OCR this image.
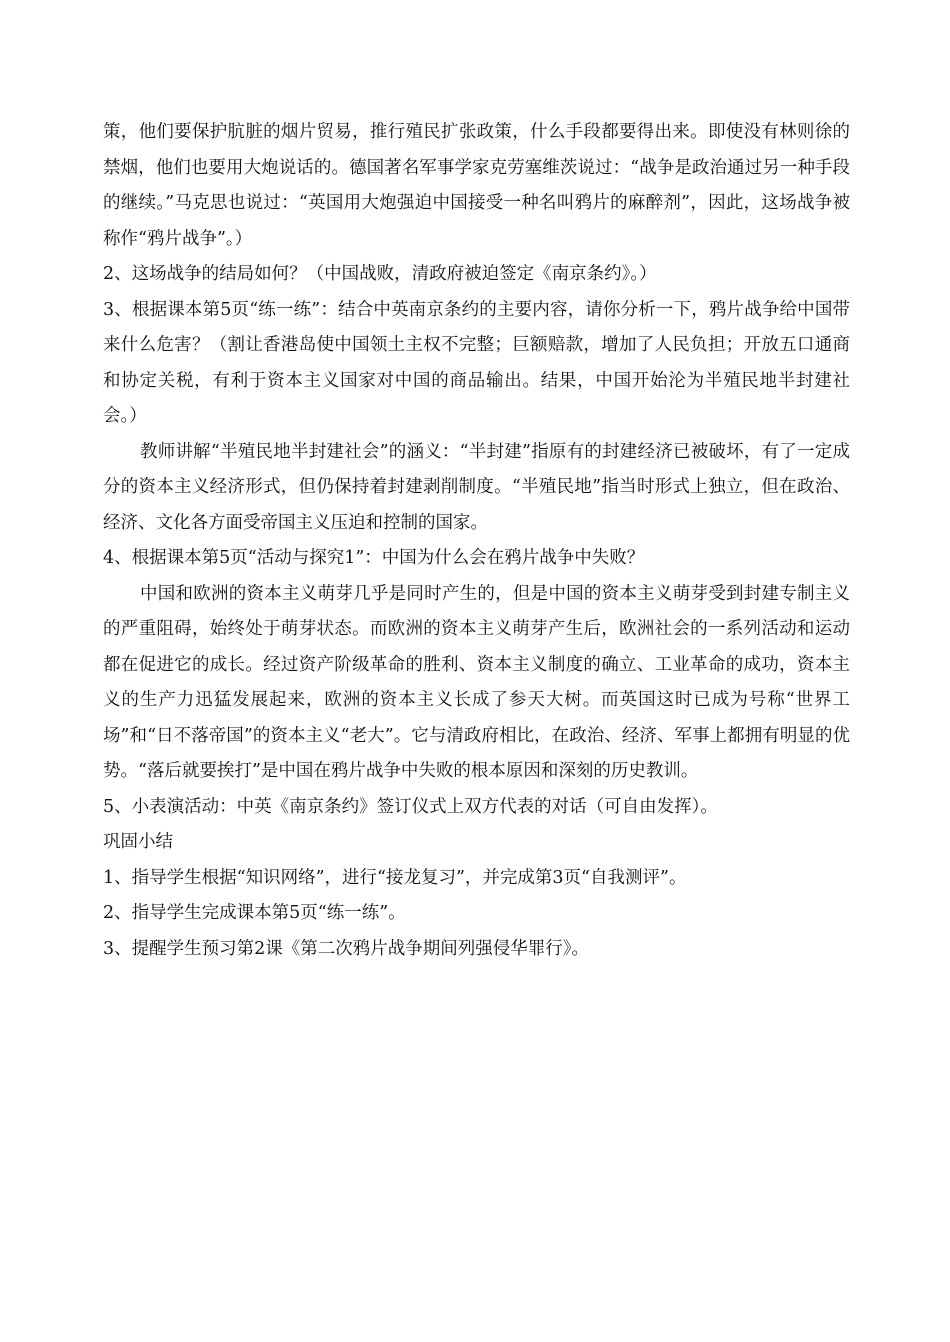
策，他们要保护肮脏的烟片贸易，推行殖民扩张政策，什么手段都要得出来。即使没有林则徐的禁烟，他们也要用大炮说话的。德国著名军事学家克劳塞维茨说过：“战争是政治通过另一种手段的继续。”马克思也说过：“英国用大炮强迫中国接受一种名叫鸦片的麻醉剂”，因此，这场战争被称作“鸦片战争”。）

2、这场战争的结局如何？（中国战败，清政府被迫签定《南京条约》。）

3、根据课本第5页“练一练”：结合中英南京条约的主要内容，请你分析一下，鸦片战争给中国带来什么危害？（割让香港岛使中国领土主权不完整；巨额赔款，增加了人民负担；开放五口通商和协定关税，有利于资本主义国家对中国的商品输出。结果，中国开始沦为半殖民地半封建社会。）

教师讲解“半殖民地半封建社会”的涵义：“半封建”指原有的封建经济已被破坏，有了一定成分的资本主义经济形式，但仍保持着封建剥削制度。“半殖民地”指当时形式上独立，但在政治、经济、文化各方面受帝国主义压迫和控制的国家。

4、根据课本第5页“活动与探究1”：中国为什么会在鸦片战争中失败？

中国和欧洲的资本主义萌芽几乎是同时产生的，但是中国的资本主义萌芽受到封建专制主义的严重阻碍，始终处于萌芽状态。而欧洲的资本主义萌芽产生后，欧洲社会的一系列活动和运动都在促进它的成长。经过资产阶级革命的胜利、资本主义制度的确立、工业革命的成功，资本主义的生产力迅猛发展起来，欧洲的资本主义长成了参天大树。而英国这时已成为号称“世界工场”和“日不落帝国”的资本主义“老大”。它与清政府相比，在政治、经济、军事上都拥有明显的优势。“落后就要挨打”是中国在鸦片战争中失败的根本原因和深刻的历史教训。

5、小表演活动：中英《南京条约》签订仪式上双方代表的对话（可自由发挥）。

巩固小结

1、指导学生根据“知识网络”，进行“接龙复习”，并完成第3页“自我测评”。

2、指导学生完成课本第5页“练一练”。

3、提醒学生预习第2课《第二次鸦片战争期间列强侵华罪行》。
